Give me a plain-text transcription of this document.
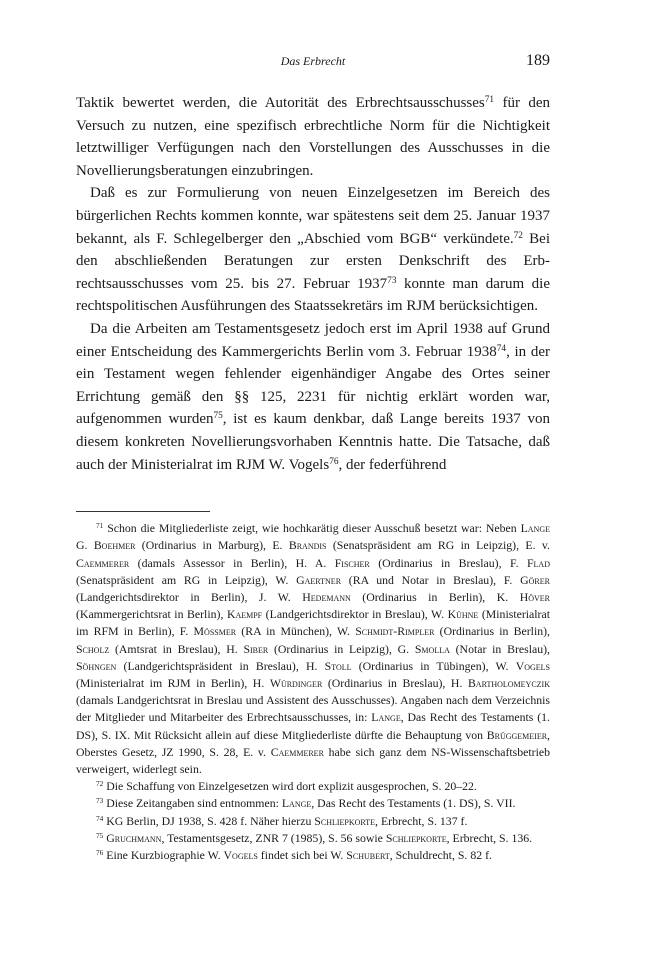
Das Erbrecht	189

Taktik bewertet werden, die Autorität des Erbrechtsausschusses$^{71}$ für den Versuch zu nutzen, eine spezifisch erbrechtliche Norm für die Nichtigkeit letztwilliger Verfügungen nach den Vorstellungen des Ausschusses in die Novellierungsberatungen einzubringen.

Daß es zur Formulierung von neuen Einzelgesetzen im Bereich des bürgerlichen Rechts kommen konnte, war spätestens seit dem 25. Januar 1937 bekannt, als F. Schlegelberger den „Abschied vom BGB“ verkündete.$^{72}$ Bei den abschließenden Beratungen zur ersten Denkschrift des Erbrechtsausschusses vom 25. bis 27. Februar 1937$^{73}$ konnte man darum die rechtspolitischen Ausführungen des Staatssekretärs im RJM berücksichtigen.

Da die Arbeiten am Testamentsgesetz jedoch erst im April 1938 auf Grund einer Entscheidung des Kammergerichts Berlin vom 3. Februar 1938$^{74}$, in der ein Testament wegen fehlender eigenhändiger Angabe des Ortes seiner Errichtung gemäß den §§ 125, 2231 für nichtig erklärt worden war, aufgenommen wurden$^{75}$, ist es kaum denkbar, daß Lange bereits 1937 von diesem konkreten Novellierungsvorhaben Kenntnis hatte. Die Tatsache, daß auch der Ministerialrat im RJM W. Vogels$^{76}$, der federführend

$^{71}$ Schon die Mitgliederliste zeigt, wie hochkarätig dieser Ausschuß besetzt war: Neben Lange G. Boehmer (Ordinarius in Marburg), E. Brandis (Senatspräsident am RG in Leipzig), E. v. Caemmerer (damals Assessor in Berlin), H. A. Fischer (Ordinarius in Breslau), F. Flad (Senatspräsident am RG in Leipzig), W. Gaertner (RA und Notar in Breslau), F. Görer (Landgerichtsdirektor in Berlin), J. W. Hedemann (Ordinarius in Berlin), K. Höver (Kammergerichtsrat in Berlin), Kaempf (Landgerichtsdirektor in Breslau), W. Kühne (Ministerialrat im RFM in Berlin), F. Mößmer (RA in München), W. Schmidt-Rimpler (Ordinarius in Berlin), Scholz (Amtsrat in Breslau), H. Siber (Ordinarius in Leipzig), G. Smolla (Notar in Breslau), Söhngen (Landgerichtspräsident in Breslau), H. Stoll (Ordinarius in Tübingen), W. Vogels (Ministerialrat im RJM in Berlin), H. Würdinger (Ordinarius in Breslau), H. Bartholomeyczik (damals Landgerichtsrat in Breslau und Assistent des Ausschusses). Angaben nach dem Verzeichnis der Mitglieder und Mitarbeiter des Erbrechtsausschusses, in: Lange, Das Recht des Testaments (1. DS), S. IX. Mit Rücksicht allein auf diese Mitgliederliste dürfte die Behauptung von Brüggemeier, Oberstes Gesetz, JZ 1990, S. 28, E. v. Caemmerer habe sich ganz dem NS-Wissenschaftsbetrieb verweigert, widerlegt sein.

$^{72}$ Die Schaffung von Einzelgesetzen wird dort explizit ausgesprochen, S. 20–22.

$^{73}$ Diese Zeitangaben sind entnommen: Lange, Das Recht des Testaments (1. DS), S. VII.

$^{74}$ KG Berlin, DJ 1938, S. 428 f. Näher hierzu Schliepkorte, Erbrecht, S. 137 f.

$^{75}$ Gruchmann, Testamentsgesetz, ZNR 7 (1985), S. 56 sowie Schliepkorte, Erbrecht, S. 136.

$^{76}$ Eine Kurzbiographie W. Vogels findet sich bei W. Schubert, Schuldrecht, S. 82 f.
